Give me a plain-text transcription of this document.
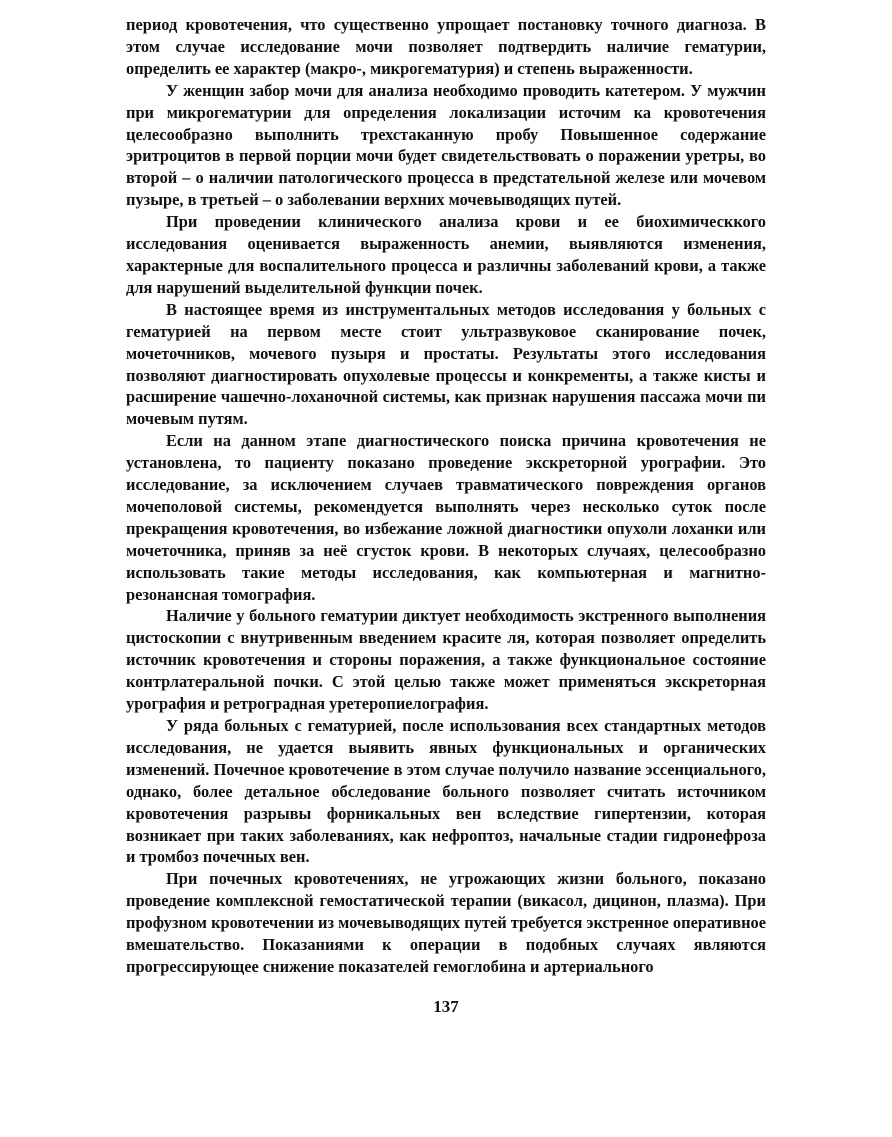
период кровотечения, что существенно упрощает постановку точного диагноза. В этом случае исследование мочи позволяет подтвердить наличие гематурии, определить ее характер (макро-, микрогематурия) и степень выраженности.

У женщин забор мочи для анализа необходимо проводить катетером. У мужчин при микрогематурии для определения локализации источим ка кровотечения целесообразно выполнить трехстаканную пробу Повышенное содержание эритроцитов в первой порции мочи будет свидетельствовать о поражении уретры, во второй – о наличии патологического процесса в предстательной железе или мочевом пузыре, в третьей – о заболевании верхних мочевыводящих путей.

При проведении клинического анализа крови и ее биохимическкого исследования оценивается выраженность анемии, выявляются изменения, характерные для воспалительного процесса и различны заболеваний крови, а также для нарушений выделительной функции почек.

В настоящее время из инструментальных методов исследования у больных с гематурией на первом месте стоит ультразвуковое сканирование почек, мочеточников, мочевого пузыря и простаты. Результаты этого исследования позволяют диагностировать опухолевые процессы и конкременты, а также кисты и расширение чашечно-лоханочной системы, как признак нарушения пассажа мочи пи мочевым путям.

Если на данном этапе диагностического поиска причина кровотечения не установлена, то пациенту показано проведение экскреторной урографии. Это исследование, за исключением случаев травматического повреждения органов мочеполовой системы, рекомендуется выполнять через несколько суток после прекращения кровотечения, во избежание ложной диагностики опухоли лоханки или мочеточника, приняв за неё сгусток крови. В некоторых случаях, целесообразно использовать такие методы исследования, как компьютерная и магнитно-резонансная томография.

Наличие у больного гематурии диктует необходимость экстренного выполнения цистоскопии с внутривенным введением красите ля, которая позволяет определить источник кровотечения и стороны поражения, а также функциональное состояние контрлатеральной почки. С этой целью также может применяться экскреторная урография и ретроградная уретеропиелография.

У ряда больных с гематурией, после использования всех стандартных методов исследования, не удается выявить явных функциональных и органических изменений. Почечное кровотечение в этом случае получило название эссенциального, однако, более детальное обследование больного позволяет считать источником кровотечения разрывы форникальных вен вследствие гипертензии, которая возникает при таких заболеваниях, как нефроптоз, начальные стадии гидронефроза и тромбоз почечных вен.

При почечных кровотечениях, не угрожающих жизни больного, показано проведение комплексной гемостатической терапии (викасол, дицинон, плазма). При профузном кровотечении из мочевыводящих путей требуется экстренное оперативное вмешательство. Показаниями к операции в подобных случаях являются прогрессирующее снижение показателей гемоглобина и артериального

137
